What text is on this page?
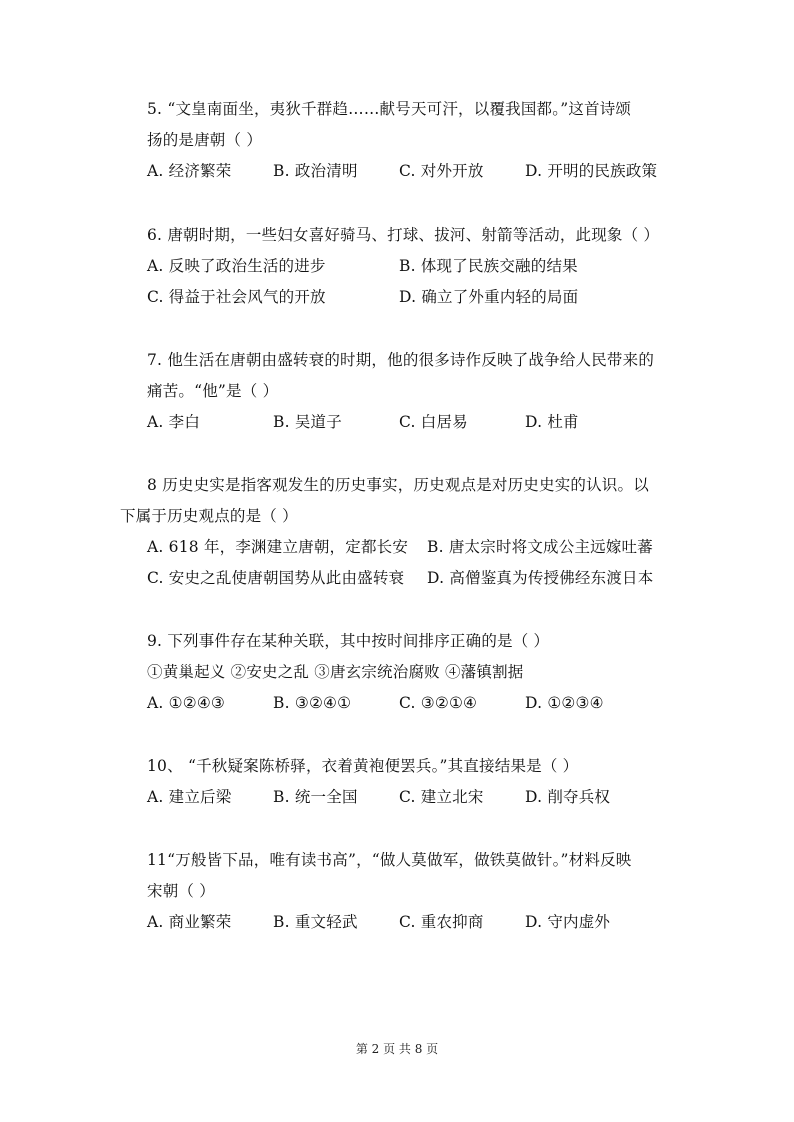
5. “文皇南面坐，夷狄千群趋……献号天可汗，以覆我国都。”这首诗颂
扬的是唐朝（ ）
A. 经济繁荣	B. 政治清明	C. 对外开放	D. 开明的民族政策
6. 唐朝时期，一些妇女喜好骑马、打球、拔河、射箭等活动，此现象（ ）
A. 反映了政治生活的进步	B. 体现了民族交融的结果
C. 得益于社会风气的开放	D. 确立了外重内轻的局面
7. 他生活在唐朝由盛转衰的时期，他的很多诗作反映了战争给人民带来的
痛苦。“他”是（ ）
A. 李白	B. 吴道子	C. 白居易	D. 杜甫
8 历史史实是指客观发生的历史事实，历史观点是对历史史实的认识。以
下属于历史观点的是（ ）
A. 618 年，李渊建立唐朝，定都长安	B. 唐太宗时将文成公主远嫁吐蕃
C. 安史之乱使唐朝国势从此由盛转衰	D. 高僧鉴真为传授佛经东渡日本
9. 下列事件存在某种关联，其中按时间排序正确的是（ ）
①黄巢起义 ②安史之乱 ③唐玄宗统治腐败 ④藩镇割据
A. ①②④③	B. ③②④①	C. ③②①④	D. ①②③④
10、 “千秋疑案陈桥驿，衣着黄袍便罢兵。”其直接结果是（ ）
A. 建立后梁	B. 统一全国	C. 建立北宋	D. 削夺兵权
11“万般皆下品，唯有读书高”，“做人莫做军，做铁莫做针。”材料反映
宋朝（ ）
A. 商业繁荣	B. 重文轻武	C. 重农抑商	D. 守内虚外
第 2 页 共 8 页
